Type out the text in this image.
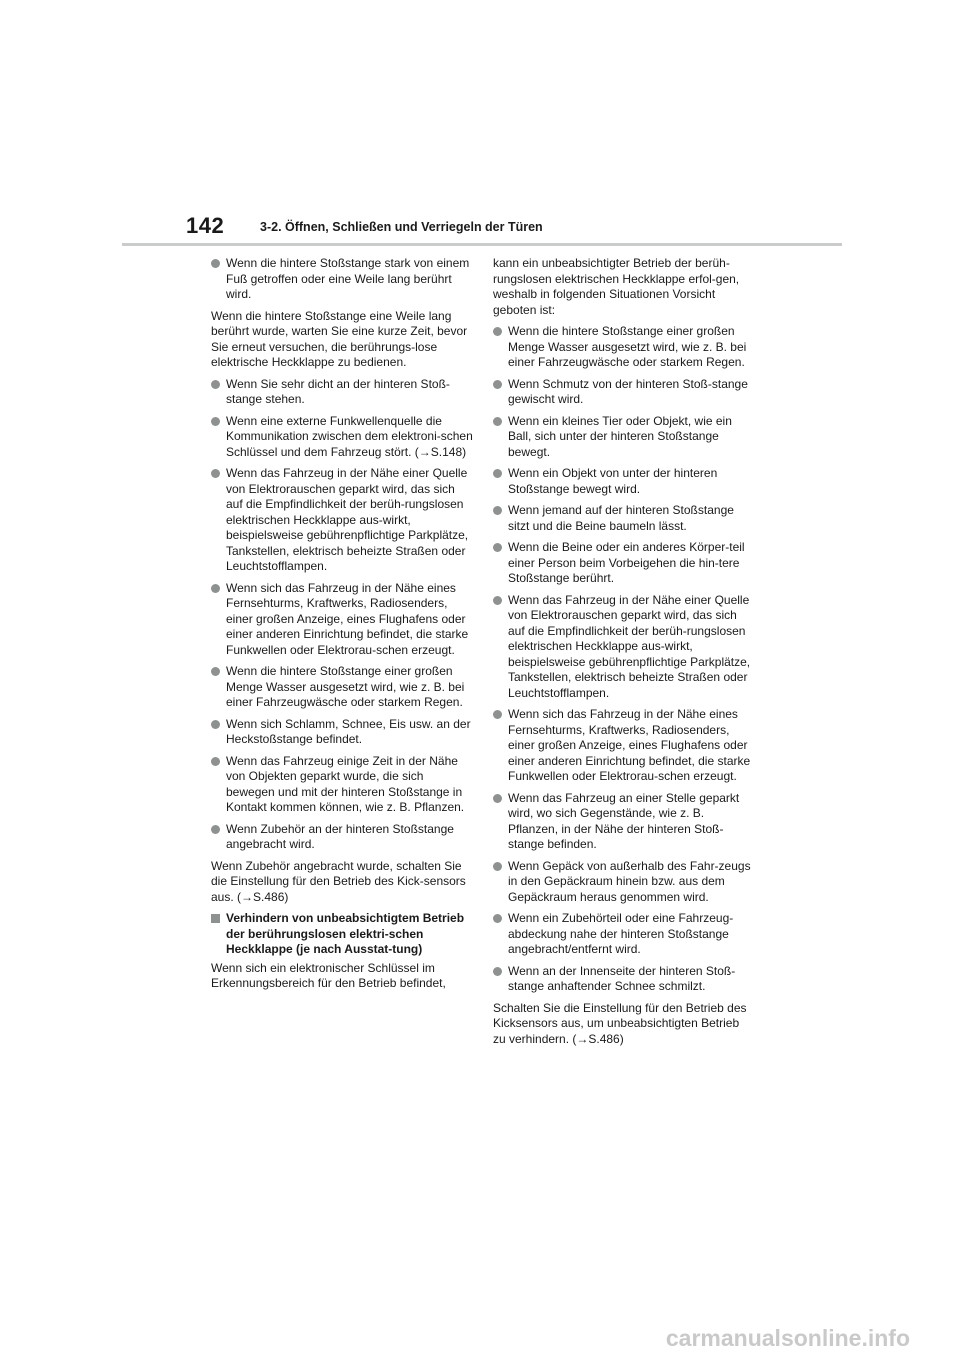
142	3-2. Öffnen, Schließen und Verriegeln der Türen
Wenn die hintere Stoßstange stark von einem Fuß getroffen oder eine Weile lang berührt wird.
Wenn die hintere Stoßstange eine Weile lang berührt wurde, warten Sie eine kurze Zeit, bevor Sie erneut versuchen, die berührungs-lose elektrische Heckklappe zu bedienen.
Wenn Sie sehr dicht an der hinteren Stoß-stange stehen.
Wenn eine externe Funkwellenquelle die Kommunikation zwischen dem elektroni-schen Schlüssel und dem Fahrzeug stört. (→S.148)
Wenn das Fahrzeug in der Nähe einer Quelle von Elektrorauschen geparkt wird, das sich auf die Empfindlichkeit der berüh-rungslosen elektrischen Heckklappe aus-wirkt, beispielsweise gebührenpflichtige Parkplätze, Tankstellen, elektrisch beheizte Straßen oder Leuchtstofflampen.
Wenn sich das Fahrzeug in der Nähe eines Fernsehturms, Kraftwerks, Radiosenders, einer großen Anzeige, eines Flughafens oder einer anderen Einrichtung befindet, die starke Funkwellen oder Elektrorau-schen erzeugt.
Wenn die hintere Stoßstange einer großen Menge Wasser ausgesetzt wird, wie z. B. bei einer Fahrzeugwäsche oder starkem Regen.
Wenn sich Schlamm, Schnee, Eis usw. an der Heckstoßstange befindet.
Wenn das Fahrzeug einige Zeit in der Nähe von Objekten geparkt wurde, die sich bewegen und mit der hinteren Stoßstange in Kontakt kommen können, wie z. B. Pflanzen.
Wenn Zubehör an der hinteren Stoßstange angebracht wird.
Wenn Zubehör angebracht wurde, schalten Sie die Einstellung für den Betrieb des Kick-sensors aus. (→S.486)
Verhindern von unbeabsichtigtem Betrieb der berührungslosen elektri-schen Heckklappe (je nach Ausstat-tung)
Wenn sich ein elektronischer Schlüssel im Erkennungsbereich für den Betrieb befindet,
kann ein unbeabsichtigter Betrieb der berüh-rungslosen elektrischen Heckklappe erfol-gen, weshalb in folgenden Situationen Vorsicht geboten ist:
Wenn die hintere Stoßstange einer großen Menge Wasser ausgesetzt wird, wie z. B. bei einer Fahrzeugwäsche oder starkem Regen.
Wenn Schmutz von der hinteren Stoß-stange gewischt wird.
Wenn ein kleines Tier oder Objekt, wie ein Ball, sich unter der hinteren Stoßstange bewegt.
Wenn ein Objekt von unter der hinteren Stoßstange bewegt wird.
Wenn jemand auf der hinteren Stoßstange sitzt und die Beine baumeln lässt.
Wenn die Beine oder ein anderes Körper-teil einer Person beim Vorbeigehen die hin-tere Stoßstange berührt.
Wenn das Fahrzeug in der Nähe einer Quelle von Elektrorauschen geparkt wird, das sich auf die Empfindlichkeit der berüh-rungslosen elektrischen Heckklappe aus-wirkt, beispielsweise gebührenpflichtige Parkplätze, Tankstellen, elektrisch beheizte Straßen oder Leuchtstofflampen.
Wenn sich das Fahrzeug in der Nähe eines Fernsehturms, Kraftwerks, Radiosenders, einer großen Anzeige, eines Flughafens oder einer anderen Einrichtung befindet, die starke Funkwellen oder Elektrorau-schen erzeugt.
Wenn das Fahrzeug an einer Stelle geparkt wird, wo sich Gegenstände, wie z. B. Pflanzen, in der Nähe der hinteren Stoß-stange befinden.
Wenn Gepäck von außerhalb des Fahr-zeugs in den Gepäckraum hinein bzw. aus dem Gepäckraum heraus genommen wird.
Wenn ein Zubehörteil oder eine Fahrzeug-abdeckung nahe der hinteren Stoßstange angebracht/entfernt wird.
Wenn an der Innenseite der hinteren Stoß-stange anhaftender Schnee schmilzt.
Schalten Sie die Einstellung für den Betrieb des Kicksensors aus, um unbeabsichtigten Betrieb zu verhindern. (→S.486)
carmanualsonline.info
